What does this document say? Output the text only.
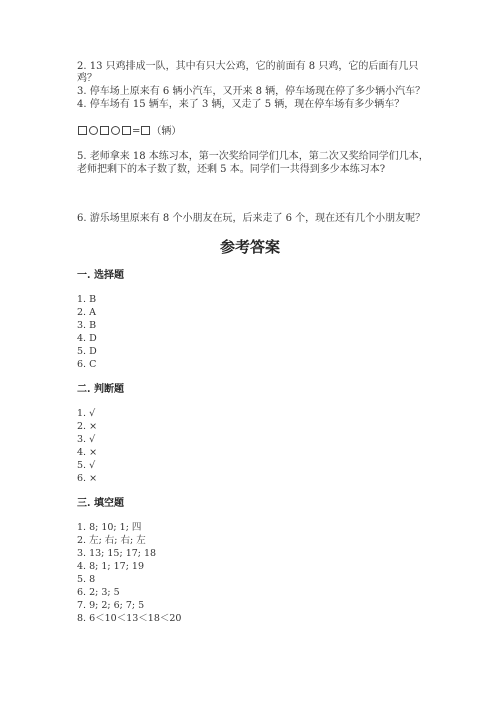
2. 13 只鸡排成一队，其中有只大公鸡，它的前面有 8 只鸡，它的后面有几只
鸡？
3. 停车场上原来有 6 辆小汽车，又开来 8 辆，停车场现在停了多少辆小汽车？
4. 停车场有 15 辆车，来了 3 辆，又走了 5 辆，现在停车场有多少辆车？
= （辆）
5. 老师拿来 18 本练习本，第一次奖给同学们几本，第二次又奖给同学们几本，
老师把剩下的本子数了数，还剩 5 本。同学们一共得到多少本练习本?
6. 游乐场里原来有 8 个小朋友在玩，后来走了 6 个，现在还有几个小朋友呢？
参考答案
一. 选择题
1. B
2. A
3. B
4. D
5. D
6. C
二. 判断题
1. √
2. ×
3. √
4. ×
5. √
6. ×
三. 填空题
1. 8; 10; 1; 四
2. 左; 右; 右; 左
3. 13; 15; 17; 18
4. 8; 1; 17; 19
5. 8
6. 2; 3; 5
7. 9; 2; 6; 7; 5
8. 6＜10＜13＜18＜20
